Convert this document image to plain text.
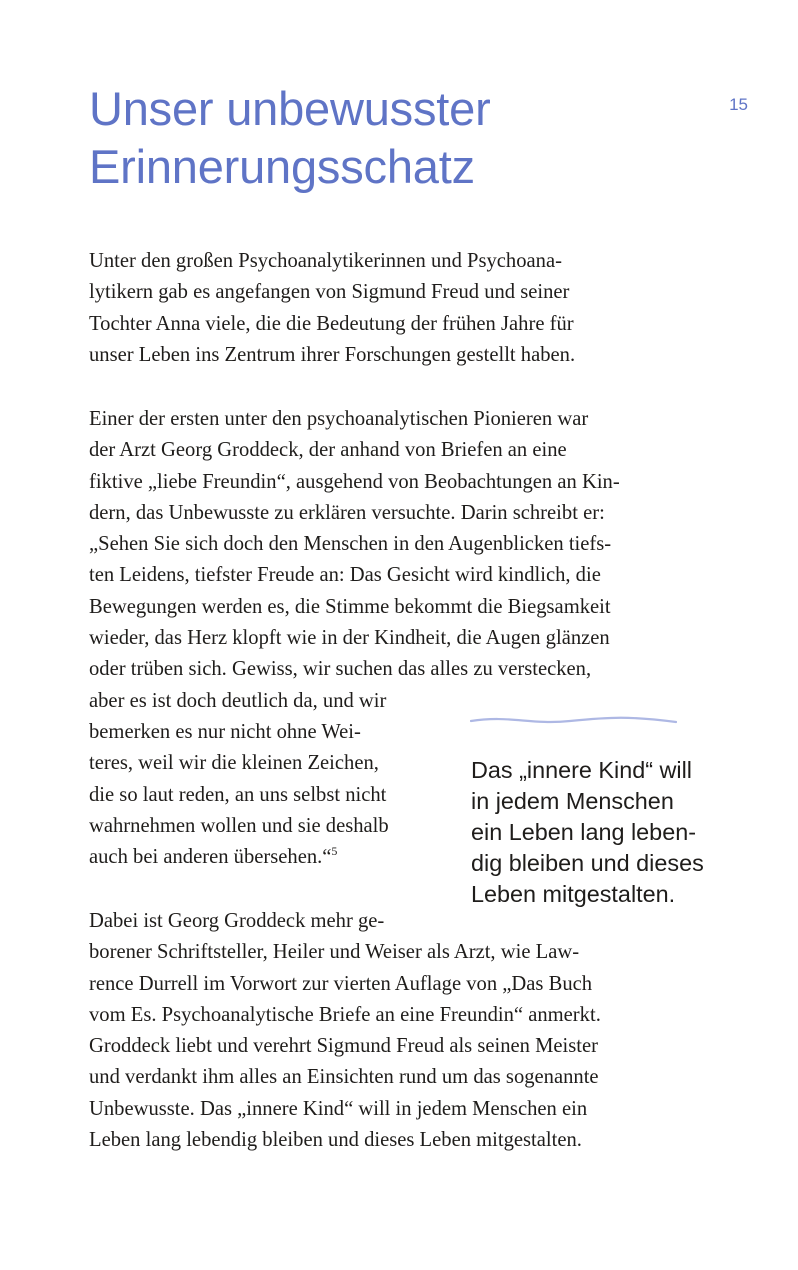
15
Unser unbewusster
Erinnerungsschatz

Unter den großen Psychoanalytikerinnen und Psychoana-
lytikern gab es angefangen von Sigmund Freud und seiner
Tochter Anna viele, die die Bedeutung der frühen Jahre für
unser Leben ins Zentrum ihrer Forschungen gestellt haben.

Einer der ersten unter den psychoanalytischen Pionieren war
der Arzt Georg Groddeck, der anhand von Briefen an eine
fiktive „liebe Freundin“, ausgehend von Beobachtungen an Kin-
dern, das Unbewusste zu erklären versuchte. Darin schreibt er:
„Sehen Sie sich doch den Menschen in den Augenblicken tiefs-
ten Leidens, tiefster Freude an: Das Gesicht wird kindlich, die
Bewegungen werden es, die Stimme bekommt die Biegsamkeit
wieder, das Herz klopft wie in der Kindheit, die Augen glänzen
oder trüben sich. Gewiss, wir suchen das alles zu verstecken,
aber es ist doch deutlich da, und wir
bemerken es nur nicht ohne Wei-
teres, weil wir die kleinen Zeichen,
die so laut reden, an uns selbst nicht
wahrnehmen wollen und sie deshalb
auch bei anderen übersehen.“$^5$

Dabei ist Georg Groddeck mehr ge-
borener Schriftsteller, Heiler und Weiser als Arzt, wie Law-
rence Durrell im Vorwort zur vierten Auflage von „Das Buch
vom Es. Psychoanalytische Briefe an eine Freundin“ anmerkt.
Groddeck liebt und verehrt Sigmund Freud als seinen Meister
und verdankt ihm alles an Einsichten rund um das sogenannte
Unbewusste. Das „innere Kind“ will in jedem Menschen ein
Leben lang lebendig bleiben und dieses Leben mitgestalten.

Das „innere Kind“ will
in jedem Menschen
ein Leben lang leben-
dig bleiben und dieses
Leben mitgestalten.
